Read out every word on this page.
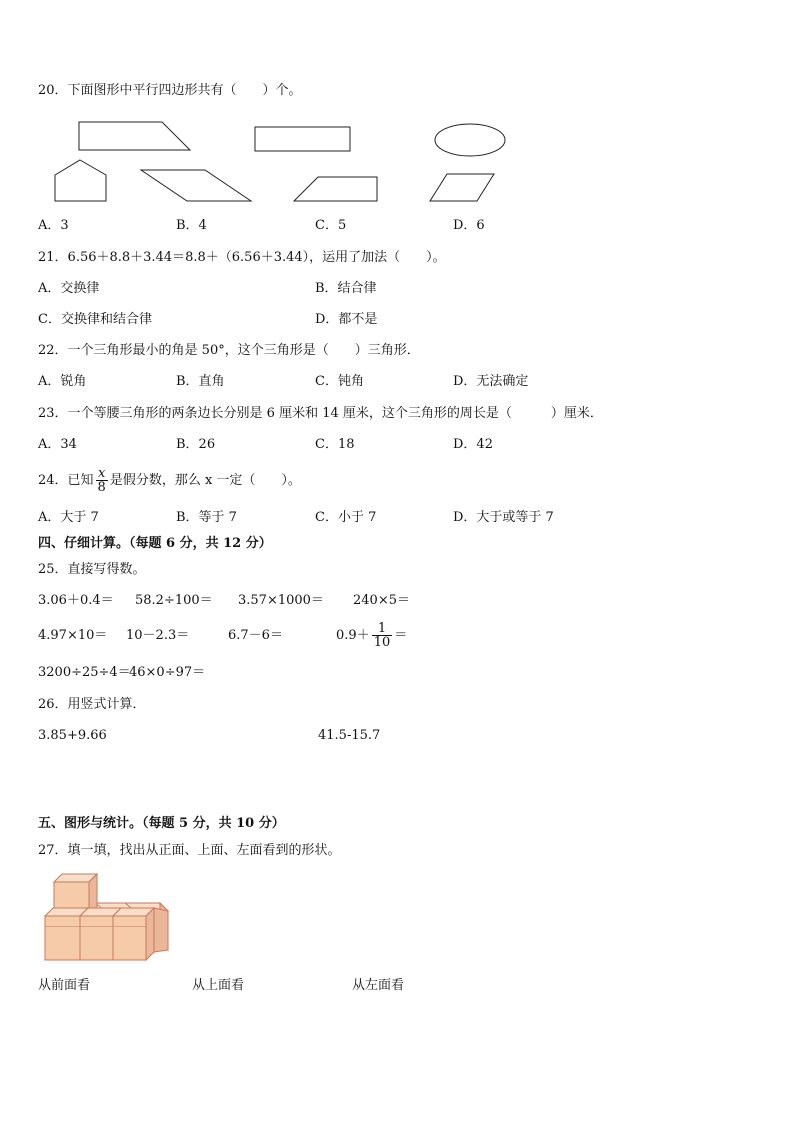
20．下面图形中平行四边形共有（　　）个。
A．3	B．4	C．5	D．6
21．6.56＋8.8＋3.44＝8.8＋（6.56＋3.44），运用了加法（　　）。
A．交换律	B．结合律
C．交换律和结合律	D．都不是
22．一个三角形最小的角是 50°，这个三角形是（　　）三角形．
A．锐角	B．直角	C．钝角	D．无法确定
23．一个等腰三角形的两条边长分别是 6 厘米和 14 厘米，这个三角形的周长是（　　　）厘米．
A．34	B．26	C．18	D．42
24．已知 $\frac{x}{8}$ 是假分数，那么 x 一定（　　）。
A．大于 7	B．等于 7	C．小于 7	D．大于或等于 7
四、仔细计算。（每题 6 分，共 12 分）
25．直接写得数。
3.06＋0.4＝ 58.2÷100＝ 3.57×1000＝ 240×5＝
4.97×10＝ 10－2.3＝	6.7－6＝	$0.9+ \frac{1}{10}$ ＝
3200÷25÷4＝
46×0÷97＝
26．用竖式计算．
3.85+9.66	41.5-15.7
五、图形与统计。（每题 5 分，共 10 分）
27．填一填，找出从正面、上面、左面看到的形状。
从前面看	从上面看	从左面看
